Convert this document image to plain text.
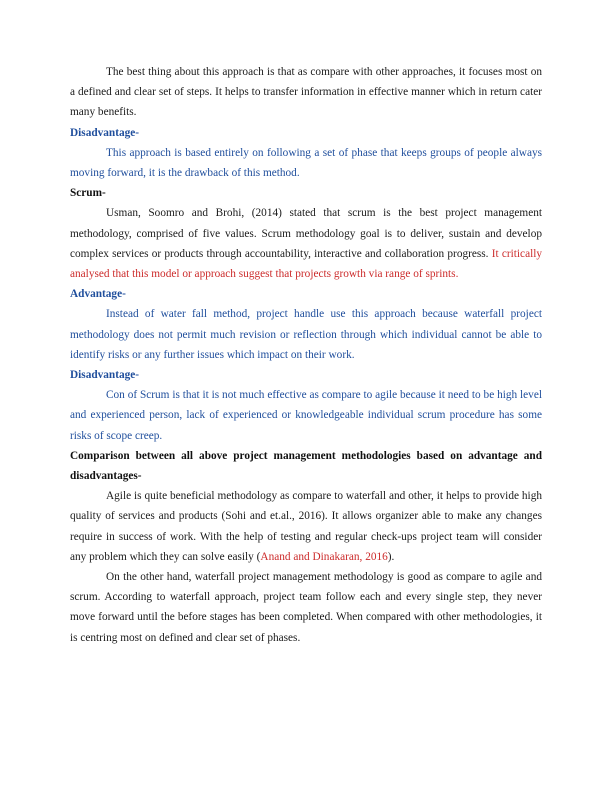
The best thing about this approach is that as compare with other approaches, it focuses most on a defined and clear set of steps. It helps to transfer information in effective manner which in return cater many benefits.

Disadvantage-

This approach is based entirely on following a set of phase that keeps groups of people always moving forward, it is the drawback of this method.

Scrum-

Usman, Soomro and Brohi, (2014) stated that scrum is the best project management methodology, comprised of five values. Scrum methodology goal is to deliver, sustain and develop complex services or products through accountability, interactive and collaboration progress. It critically analysed that this model or approach suggest that projects growth via range of sprints.

Advantage-

Instead of water fall method, project handle use this approach because waterfall project methodology does not permit much revision or reflection through which individual cannot be able to identify risks or any further issues which impact on their work.

Disadvantage-

Con of Scrum is that it is not much effective as compare to agile because it need to be high level and experienced person, lack of experienced or knowledgeable individual scrum procedure has some risks of scope creep.

Comparison between all above project management methodologies based on advantage and disadvantages-

Agile is quite beneficial methodology as compare to waterfall and other, it helps to provide high quality of services and products (Sohi and et.al., 2016). It allows organizer able to make any changes require in success of work. With the help of testing and regular check-ups project team will consider any problem which they can solve easily (Anand and Dinakaran, 2016).

On the other hand, waterfall project management methodology is good as compare to agile and scrum. According to waterfall approach, project team follow each and every single step, they never move forward until the before stages has been completed. When compared with other methodologies, it is centring most on defined and clear set of phases.
